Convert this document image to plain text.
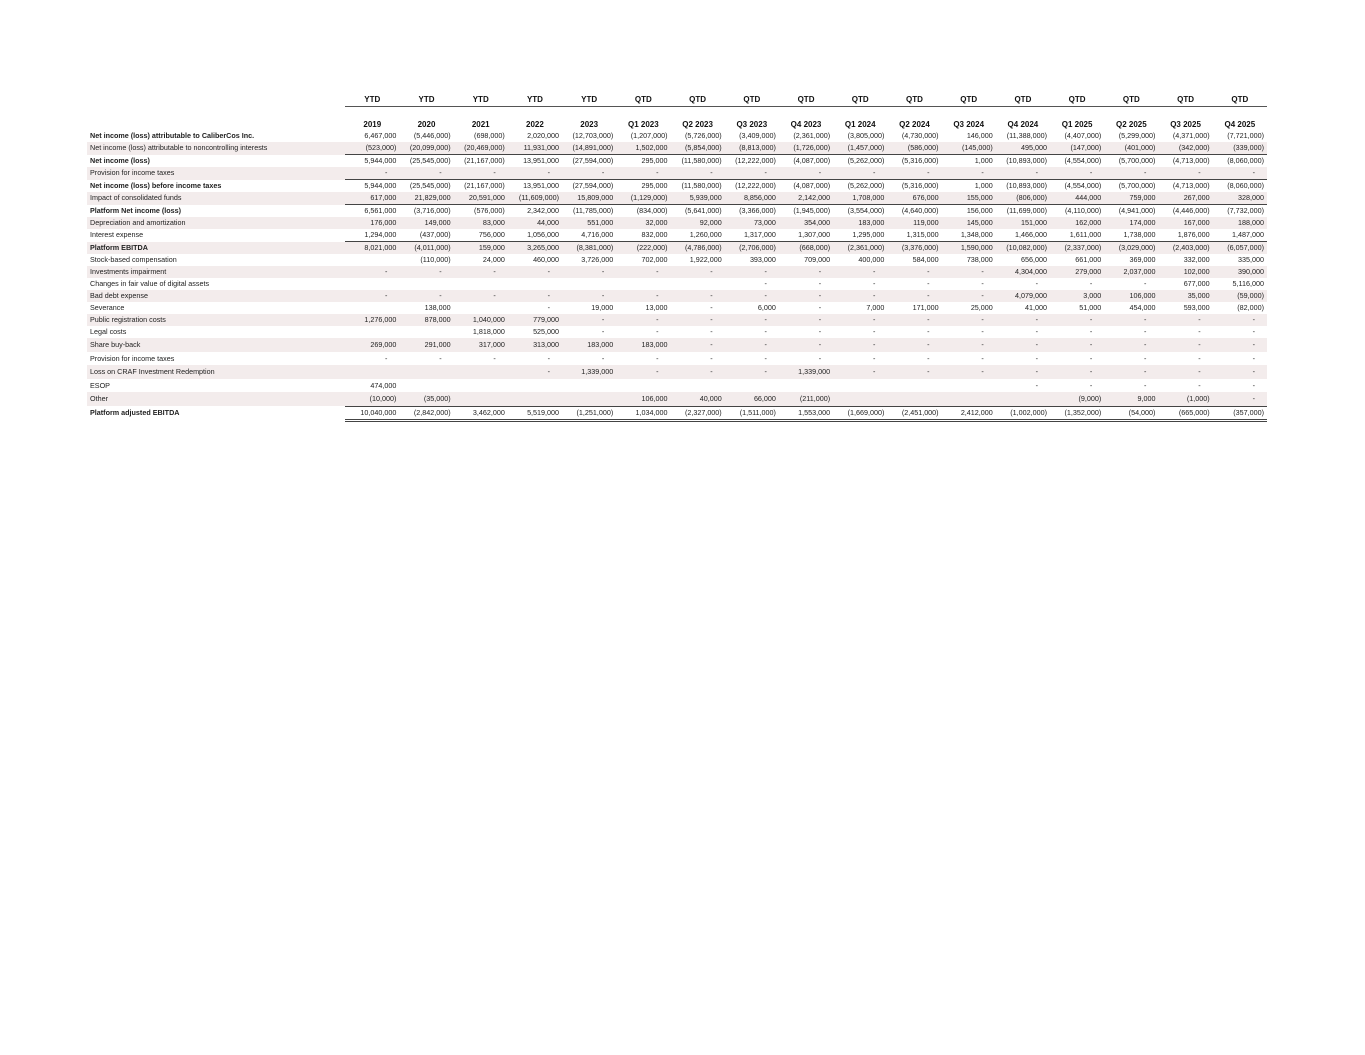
	YTD	YTD	YTD	YTD	YTD	QTD	QTD	QTD	QTD	QTD	QTD	QTD	QTD	QTD	QTD	QTD	QTD
	2019	2020	2021	2022	2023	Q1 2023	Q2 2023	Q3 2023	Q4 2023	Q1 2024	Q2 2024	Q3 2024	Q4 2024	Q1 2025	Q2 2025	Q3 2025	Q4 2025
Net income (loss) attributable to CaliberCos Inc.	6,467,000	(5,446,000)	(698,000)	2,020,000	(12,703,000)	(1,207,000)	(5,726,000)	(3,409,000)	(2,361,000)	(3,805,000)	(4,730,000)	146,000	(11,388,000)	(4,407,000)	(5,299,000)	(4,371,000)	(7,721,000)
Net income (loss) attributable to noncontrolling interests	(523,000)	(20,099,000)	(20,469,000)	11,931,000	(14,891,000)	1,502,000	(5,854,000)	(8,813,000)	(1,726,000)	(1,457,000)	(586,000)	(145,000)	495,000	(147,000)	(401,000)	(342,000)	(339,000)
Net income (loss)	5,944,000	(25,545,000)	(21,167,000)	13,951,000	(27,594,000)	295,000	(11,580,000)	(12,222,000)	(4,087,000)	(5,262,000)	(5,316,000)	1,000	(10,893,000)	(4,554,000)	(5,700,000)	(4,713,000)	(8,060,000)
Provision for income taxes	-	-	-	-	-	-	-	-	-	-	-	-	-	-	-	-	-
Net income (loss) before income taxes	5,944,000	(25,545,000)	(21,167,000)	13,951,000	(27,594,000)	295,000	(11,580,000)	(12,222,000)	(4,087,000)	(5,262,000)	(5,316,000)	1,000	(10,893,000)	(4,554,000)	(5,700,000)	(4,713,000)	(8,060,000)
Impact of consolidated funds	617,000	21,829,000	20,591,000	(11,609,000)	15,809,000	(1,129,000)	5,939,000	8,856,000	2,142,000	1,708,000	676,000	155,000	(806,000)	444,000	759,000	267,000	328,000
Platform Net income (loss)	6,561,000	(3,716,000)	(576,000)	2,342,000	(11,785,000)	(834,000)	(5,641,000)	(3,366,000)	(1,945,000)	(3,554,000)	(4,640,000)	156,000	(11,699,000)	(4,110,000)	(4,941,000)	(4,446,000)	(7,732,000)
Depreciation and amortization	176,000	149,000	83,000	44,000	551,000	32,000	92,000	73,000	354,000	183,000	119,000	145,000	151,000	162,000	174,000	167,000	188,000
Interest expense	1,294,000	(437,000)	756,000	1,056,000	4,716,000	832,000	1,260,000	1,317,000	1,307,000	1,295,000	1,315,000	1,348,000	1,466,000	1,611,000	1,738,000	1,876,000	1,487,000
Platform EBITDA	8,021,000	(4,011,000)	159,000	3,265,000	(8,381,000)	(222,000)	(4,786,000)	(2,706,000)	(668,000)	(2,361,000)	(3,376,000)	1,590,000	(10,082,000)	(2,337,000)	(3,029,000)	(2,403,000)	(6,057,000)
Stock-based compensation		(110,000)	24,000	460,000	3,726,000	702,000	1,922,000	393,000	709,000	400,000	584,000	738,000	656,000	661,000	369,000	332,000	335,000
Investments impairment	-	-	-	-	-	-	-	-	-	-	-	-	4,304,000	279,000	2,037,000	102,000	390,000
Changes in fair value of digital assets								-	-	-	-	-	-	-	-	677,000	5,116,000
Bad debt expense	-	-	-	-	-	-	-	-	-	-	-	-	4,079,000	3,000	106,000	35,000	(59,000)
Severance		138,000		-	19,000	13,000	-	6,000	-	7,000	171,000	25,000	41,000	51,000	454,000	593,000	(82,000)
Public registration costs	1,276,000	878,000	1,040,000	779,000	-	-	-	-	-	-	-	-	-	-	-	-	-
Legal costs			1,818,000	525,000	-	-	-	-	-	-	-	-	-	-	-	-	-
Share buy-back	269,000	291,000	317,000	313,000	183,000	183,000	-	-	-	-	-	-	-	-	-	-	-
Provision for income taxes	-	-	-	-	-	-	-	-	-	-	-	-	-	-	-	-	-
Loss on CRAF Investment Redemption				-	1,339,000	-	-	-	1,339,000	-	-	-	-	-	-	-	-
ESOP	474,000												-	-	-	-	-
Other	(10,000)	(35,000)				106,000	40,000	66,000	(211,000)					(9,000)	9,000	(1,000)	-
Platform adjusted EBITDA	10,040,000	(2,842,000)	3,462,000	5,519,000	(1,251,000)	1,034,000	(2,327,000)	(1,511,000)	1,553,000	(1,669,000)	(2,451,000)	2,412,000	(1,002,000)	(1,352,000)	(54,000)	(665,000)	(357,000)
